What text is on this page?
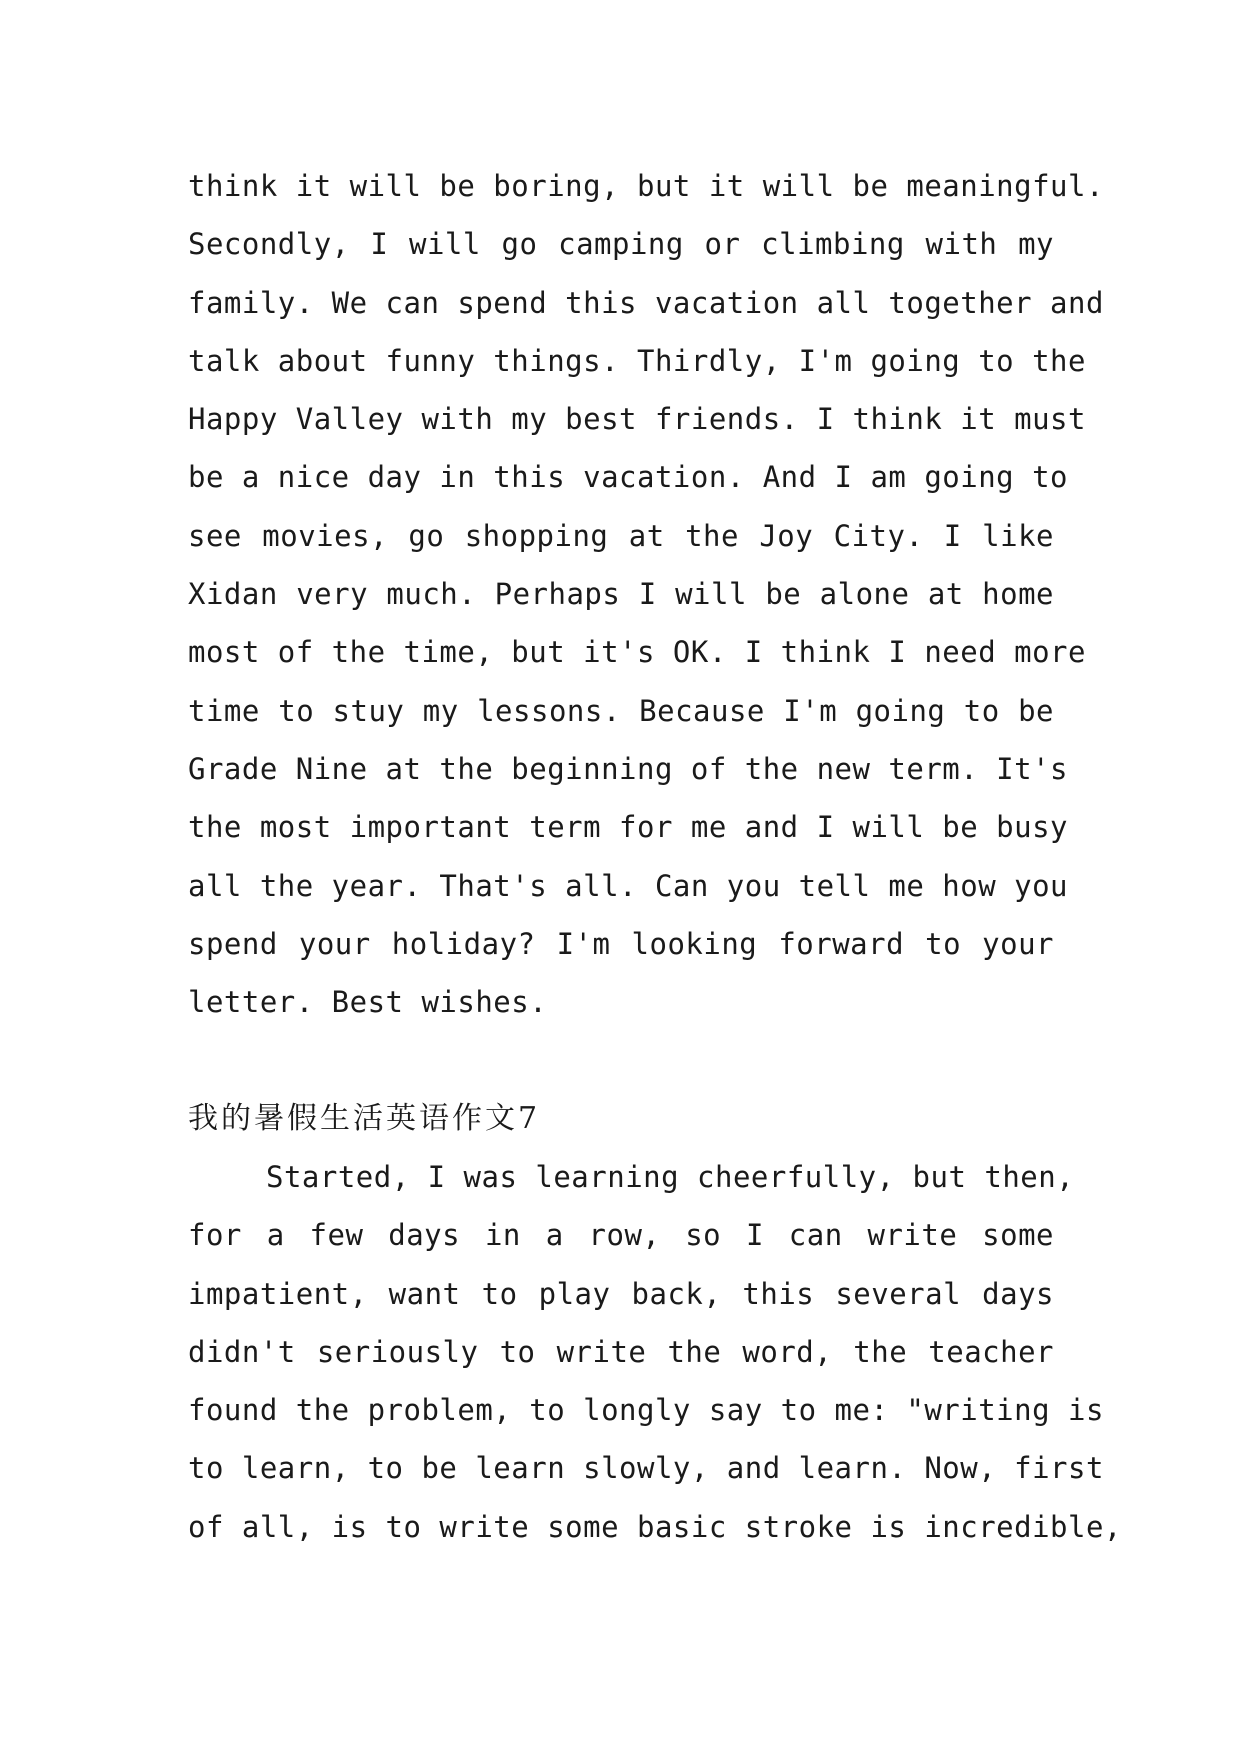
think it will be boring, but it will be meaningful.
Secondly, I will go camping or climbing with my
family. We can spend this vacation all together and
talk about funny things. Thirdly, I'm going to the
Happy Valley with my best friends. I think it must
be a nice day in this vacation. And I am going to
see movies, go shopping at the Joy City. I like
Xidan very much. Perhaps I will be alone at home
most of the time, but it's OK. I think I need more
time to stuy my lessons. Because I'm going to be
Grade Nine at the beginning of the new term. It's
the most important term for me and I will be busy
all the year. That's all. Can you tell me how you
spend your holiday? I'm looking forward to your
letter. Best wishes.
我的暑假生活英语作文7
Started, I was learning cheerfully, but then,
for a few days in a row, so I can write some
impatient, want to play back, this several days
didn't seriously to write the word, the teacher
found the problem, to longly say to me: "writing is
to learn, to be learn slowly, and learn. Now, first
of all, is to write some basic stroke is incredible,
